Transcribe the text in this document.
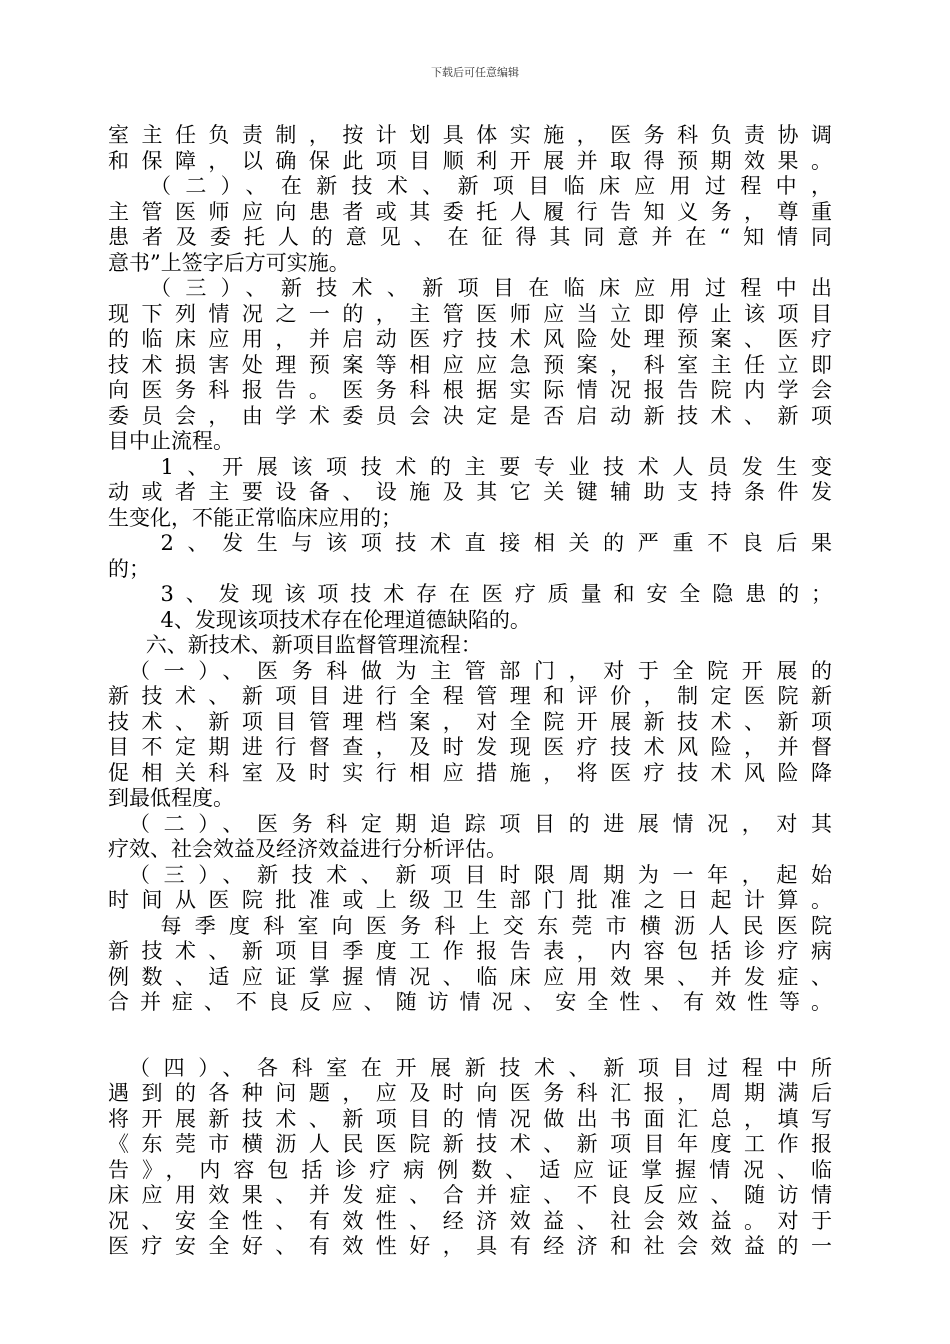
下载后可任意编辑
室主任负责制，按计划具体实施，医务科负责协调
和保障，以确保此项目顺利开展并取得预期效果。
（二）、在新技术、新项目临床应用过程中，
主管医师应向患者或其委托人履行告知义务，尊重
患者及委托人的意见、在征得其同意并在“知情同
意书”上签字后方可实施。
（三）、新技术、新项目在临床应用过程中出
现下列情况之一的，主管医师应当立即停止该项目
的临床应用，并启动医疗技术风险处理预案、医疗
技术损害处理预案等相应应急预案，科室主任立即
向医务科报告。医务科根据实际情况报告院内学会
委员会，由学术委员会决定是否启动新技术、新项
目中止流程。
1、开展该项技术的主要专业技术人员发生变
动或者主要设备、设施及其它关键辅助支持条件发
生变化，不能正常临床应用的；
2、发生与该项技术直接相关的严重不良后果
的；
3、发现该项技术存在医疗质量和安全隐患的；
4、发现该项技术存在伦理道德缺陷的。
六、新技术、新项目监督管理流程：
（一）、医务科做为主管部门，对于全院开展的
新技术、新项目进行全程管理和评价，制定医院新
技术、新项目管理档案，对全院开展新技术、新项
目不定期进行督查，及时发现医疗技术风险，并督
促相关科室及时实行相应措施，将医疗技术风险降
到最低程度。
（二）、医务科定期追踪项目的进展情况，对其
疗效、社会效益及经济效益进行分析评估。
（三）、新技术、新项目时限周期为一年，起始
时间从医院批准或上级卫生部门批准之日起计算。
每季度科室向医务科上交东莞市横沥人民医院
新技术、新项目季度工作报告表，内容包括诊疗病
例数、适应证掌握情况、临床应用效果、并发症、
合并症、不良反应、随访情况、安全性、有效性等。
（四）、各科室在开展新技术、新项目过程中所
遇到的各种问题，应及时向医务科汇报，周期满后
将开展新技术、新项目的情况做出书面汇总，填写
《东莞市横沥人民医院新技术、新项目年度工作报
告》，内容包括诊疗病例数、适应证掌握情况、临
床应用效果、并发症、合并症、不良反应、随访情
况、安全性、有效性、经济效益、社会效益。对于
医疗安全好、有效性好，具有经济和社会效益的一
